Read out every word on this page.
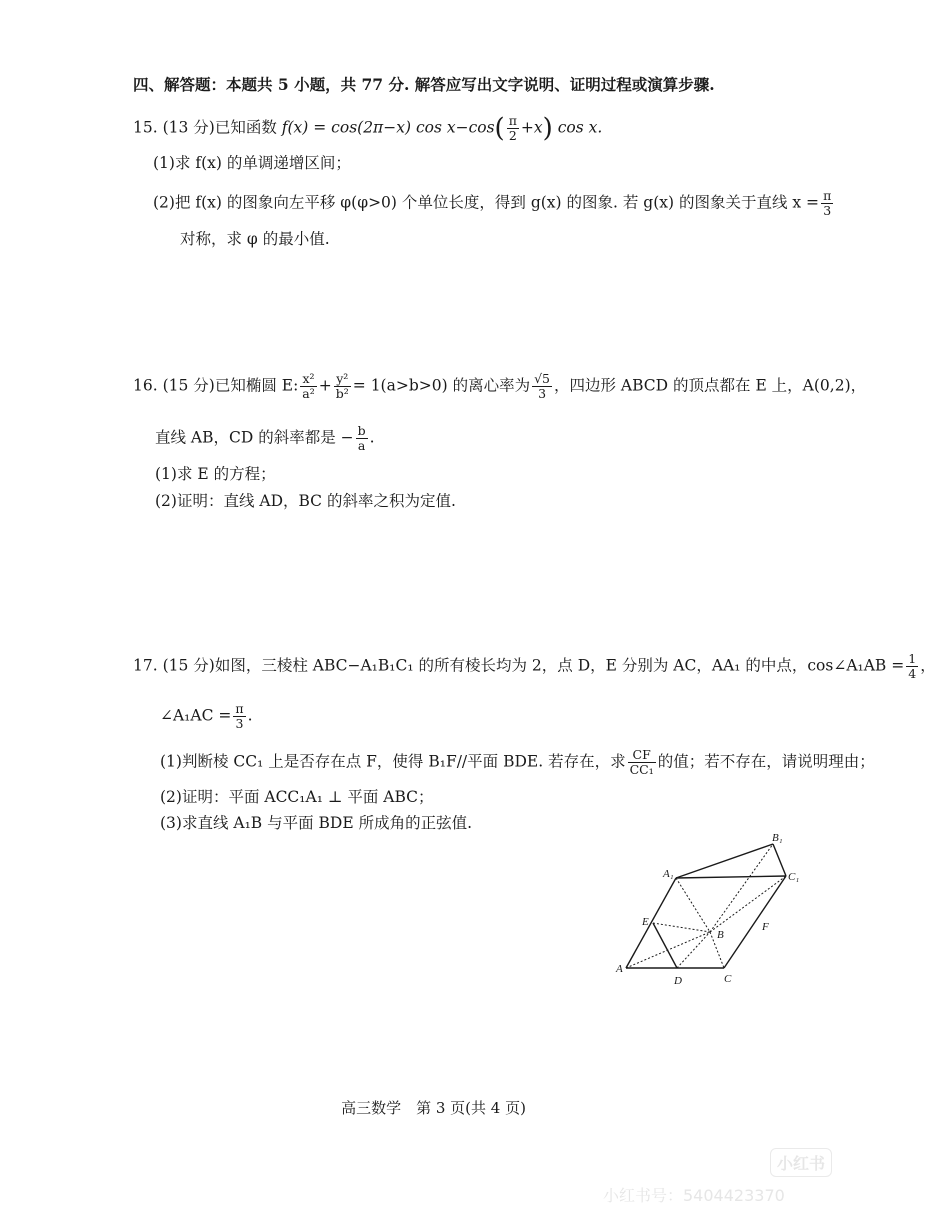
四、解答题：本题共 5 小题，共 77 分. 解答应写出文字说明、证明过程或演算步骤.
15. (13 分)已知函数 f(x) = cos(2π−x) $\cos x-\cos( \frac{\pi}{2} +x)$ cos x.
(1)求 f(x) 的单调递增区间；
(2)把 f(x) 的图象向左平移 φ(φ>0) 个单位长度，得到 g(x) 的图象. 若 g(x) 的图象关于直线 $x = \frac{\pi}{3}$
对称，求 φ 的最小值.
16. (15 分)已知椭圆 E: $\frac{\text{x²}}{\text{a²}} + \frac{\text{y²}}{\text{b²}} = 1(a>b>0)$ 的离心率为 $\frac{√5}{3}$ ，四边形 ABCD 的顶点都在 E 上，A(0,2)，
直线 AB，CD 的斜率都是 − $\frac{b}{a}$ .
(1)求 E 的方程；
(2)证明：直线 AD，BC 的斜率之积为定值.
17. (15 分)如图，三棱柱 ABC−A₁B₁C₁ 的所有棱长均为 2，点 D，E 分别为 AC，AA₁ 的中点，cos∠A₁AB = $\frac{1}{4}$ ，
∠A₁AC = $\frac{\pi}{3}$ .
(1)判断棱 CC₁ 上是否存在点 F，使得 B₁F//平面 BDE. 若存在，求 $\frac{CF}{\text{CC₁}}$ 的值；若不存在，请说明理由；
(2)证明：平面 ACC₁A₁ ⊥ 平面 ABC；
(3)求直线 A₁B 与平面 BDE 所成角的正弦值.
A
B
C
D
E	F
A₁
B₁
C₁
高三数学　第 3 页(共 4 页)
小红书
小红书号：5404423370
